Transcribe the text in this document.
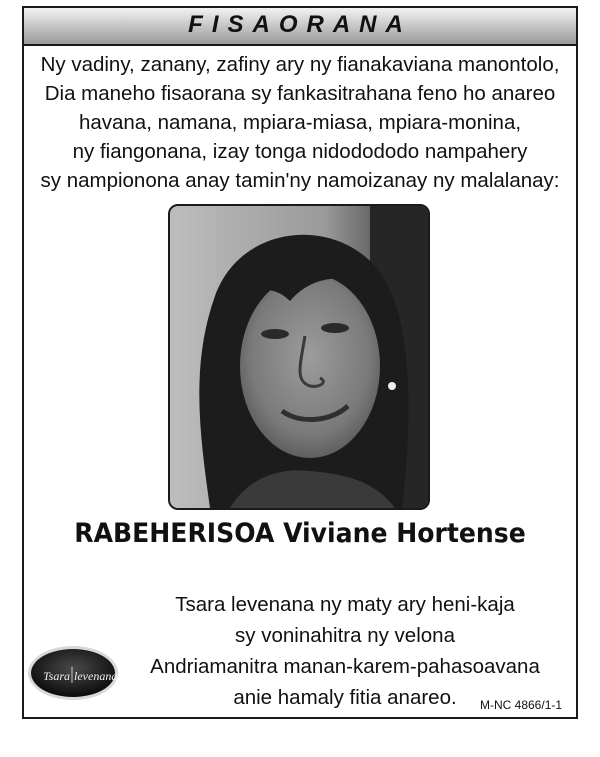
FISAORANA
Ny vadiny, zanany, zafiny ary ny fianakaviana manontolo,
Dia maneho fisaorana sy fankasitrahana feno ho anareo
havana, namana, mpiara-miasa, mpiara-monina,
ny fiangonana, izay tonga nidodododo nampahery
sy nampionona anay tamin'ny namoizanay ny malalanay:
RABEHERISOA Viviane Hortense
Tsara levenana ny maty ary heni-kaja
sy voninahitra ny velona
Andriamanitra manan-karem-pahasoavana
anie hamaly fitia anareo.
Tsara levenana
M-NC 4866/1-1
